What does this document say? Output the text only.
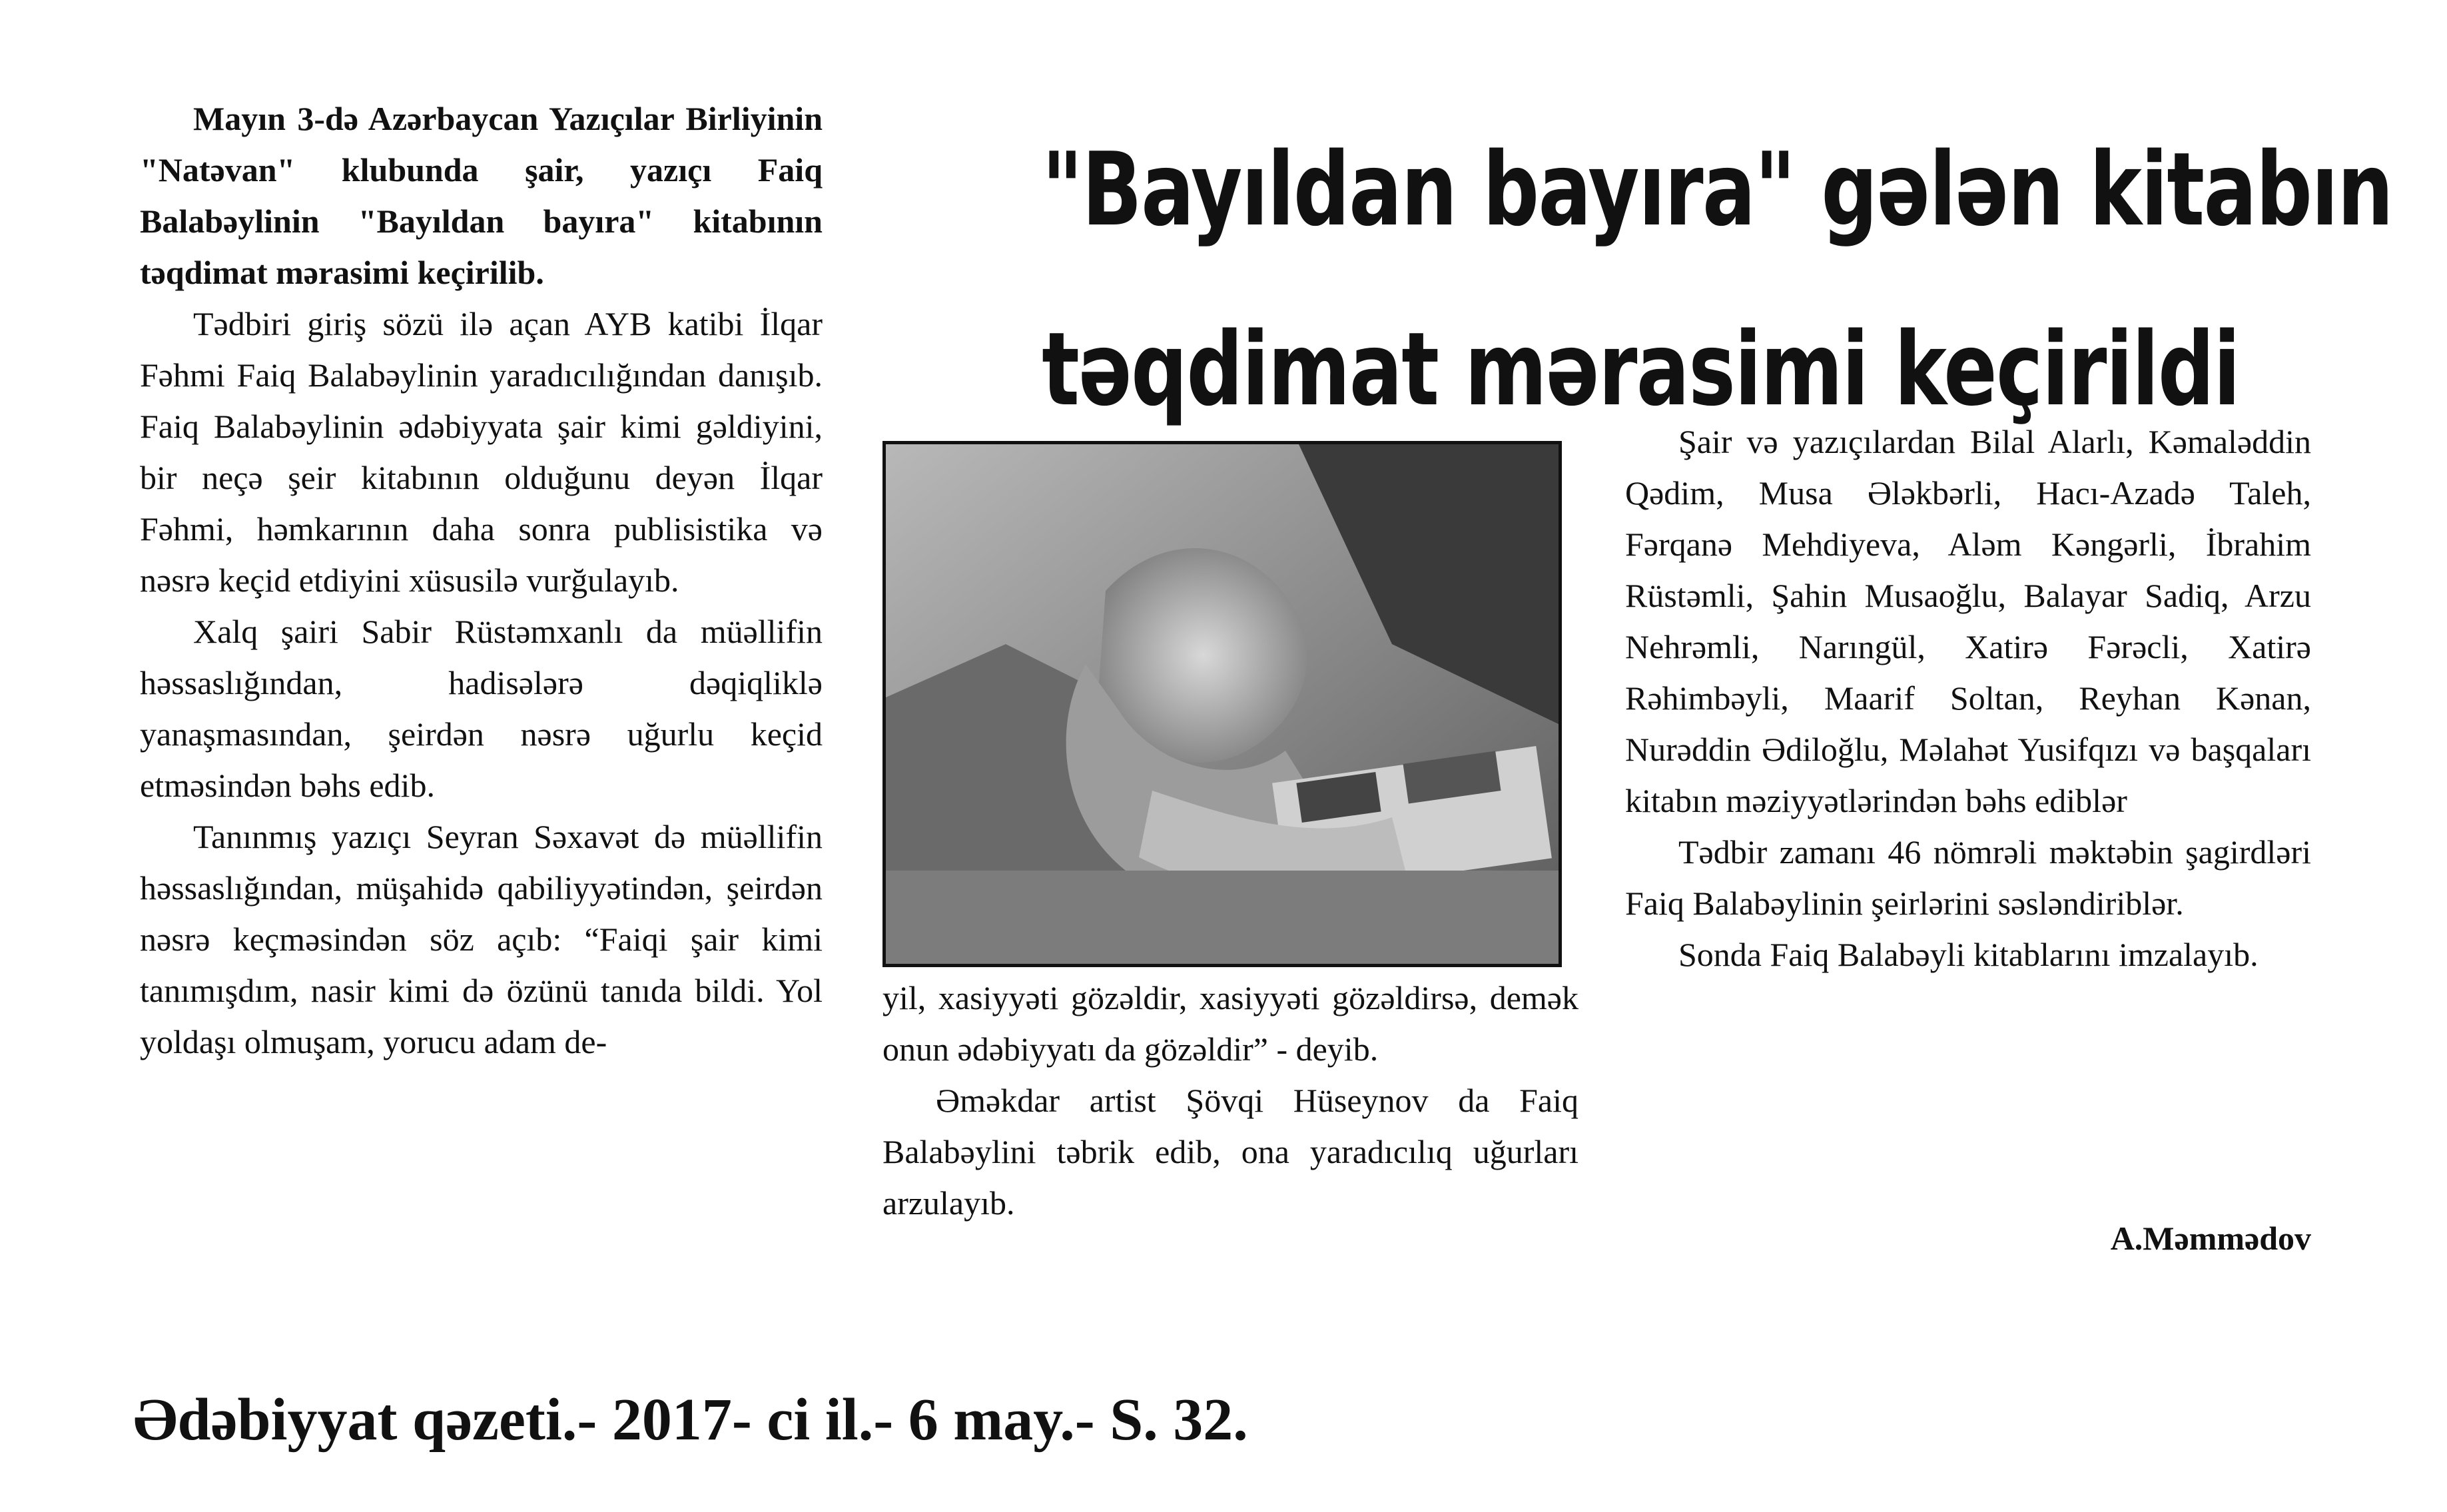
"Bayıldan bayıra" gələn kitabın
təqdimat mərasimi keçirildi

Mayın 3-də Azərbaycan Yazıçılar Birliyinin "Natəvan" klubunda şair, yazıçı Faiq Balabəylinin "Bayıldan bayıra" kitabının təqdimat mərasimi keçirilib.

Tədbiri giriş sözü ilə açan AYB katibi İlqar Fəhmi Faiq Balabəylinin yaradıcılığından danışıb. Faiq Balabəylinin ədəbiyyata şair kimi gəldiyini, bir neçə şeir kitabının olduğunu deyən İlqar Fəhmi, həmkarının daha sonra publisistika və nəsrə keçid etdiyini xüsusilə vurğulayıb.

Xalq şairi Sabir Rüstəmxanlı da müəllifin həssaslığından, hadisələrə dəqiqliklə yanaşmasından, şeirdən nəsrə uğurlu keçid etməsindən bəhs edib.

Tanınmış yazıçı Seyran Səxavət də müəllifin həssaslığından, müşahidə qabiliyyətindən, şeirdən nəsrə keçməsindən söz açıb: “Faiqi şair kimi tanımışdım, nasir kimi də özünü tanıda bildi. Yol yoldaşı olmuşam, yorucu adam de-

yil, xasiyyəti gözəldir, xasiyyəti gözəldirsə, demək onun ədəbiyyatı da gözəldir” - deyib.

Əməkdar artist Şövqi Hüseynov da Faiq Balabəylini təbrik edib, ona yaradıcılıq uğurları arzulayıb.

Şair və yazıçılardan Bilal Alarlı, Kəmaləddin Qədim, Musa Ələkbərli, Hacı-Azadə Taleh, Fərqanə Mehdiyeva, Aləm Kəngərli, İbrahim Rüstəmli, Şahin Musaoğlu, Balayar Sadiq, Arzu Nehrəmli, Narıngül, Xatirə Fərəcli, Xatirə Rəhimbəyli, Maarif Soltan, Reyhan Kənan, Nurəddin Ədiloğlu, Məlahət Yusifqızı və başqaları kitabın məziyyətlərindən bəhs ediblər

Tədbir zamanı 46 nömrəli məktəbin şagirdləri Faiq Balabəylinin şeirlərini səsləndiriblər.

Sonda Faiq Balabəyli kitablarını imzalayıb.

A.Məmmədov
Ədəbiyyat qəzeti.- 2017- ci il.- 6 may.- S. 32.
